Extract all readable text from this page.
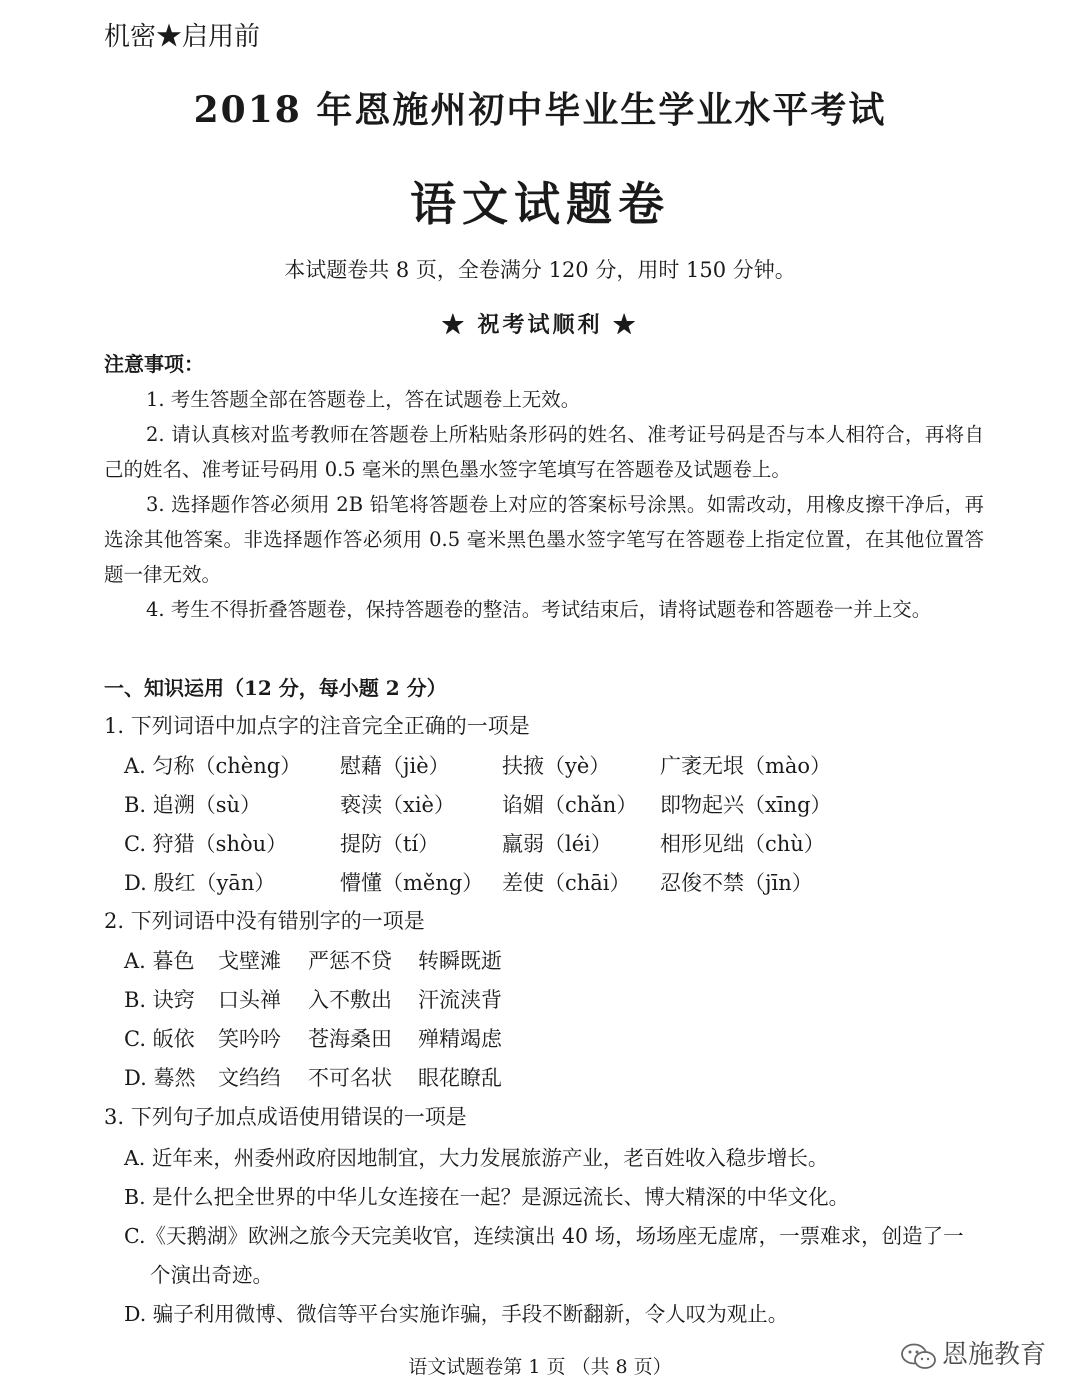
机密★启用前
2018 年恩施州初中毕业生学业水平考试
语文试题卷
本试题卷共 8 页，全卷满分 120 分，用时 150 分钟。
★ 祝考试顺利 ★
注意事项：

1. 考生答题全部在答题卷上，答在试题卷上无效。

2. 请认真核对监考教师在答题卷上所粘贴条形码的姓名、准考证号码是否与本人相符合，再将自己的姓名、准考证号码用 0.5 毫米的黑色墨水签字笔填写在答题卷及试题卷上。

3. 选择题作答必须用 2B 铅笔将答题卷上对应的答案标号涂黑。如需改动，用橡皮擦干净后，再选涂其他答案。非选择题作答必须用 0.5 毫米黑色墨水签字笔写在答题卷上指定位置，在其他位置答题一律无效。

4. 考生不得折叠答题卷，保持答题卷的整洁。考试结束后，请将试题卷和答题卷一并上交。

一、知识运用（12 分，每小题 2 分）
1. 下列词语中加点字的注音完全正确的一项是
A. 匀称（chèng） 慰藉（jiè） 扶掖（yè） 广袤无垠（mào）
B. 追溯（sù）	亵渎（xiè） 谄媚（chǎn） 即物起兴（xīng）
C. 狩猎（shòu）	提防（tí）	羸弱（léi） 相形见绌（chù）
D. 殷红（yān）	懵懂（měng） 差使（chāi） 忍俊不禁（jīn）
2. 下列词语中没有错别字的一项是
A. 暮色 戈壁滩 严惩不贷 转瞬既逝
B. 诀窍 口头禅 入不敷出 汗流浃背
C. 皈依 笑吟吟 苍海桑田 殚精竭虑
D. 蓦然 文绉绉 不可名状 眼花瞭乱
3. 下列句子加点成语使用错误的一项是
A. 近年来，州委州政府因地制宜，大力发展旅游产业，老百姓收入稳步增长。
B. 是什么把全世界的中华儿女连接在一起？是源远流长、博大精深的中华文化。
C.《天鹅湖》欧洲之旅今天完美收官，连续演出 40 场，场场座无虚席，一票难求，创造了一
个演出奇迹。
D. 骗子利用微博、微信等平台实施诈骗，手段不断翻新，令人叹为观止。
语文试题卷第 1 页 （共 8 页）	恩施教育
